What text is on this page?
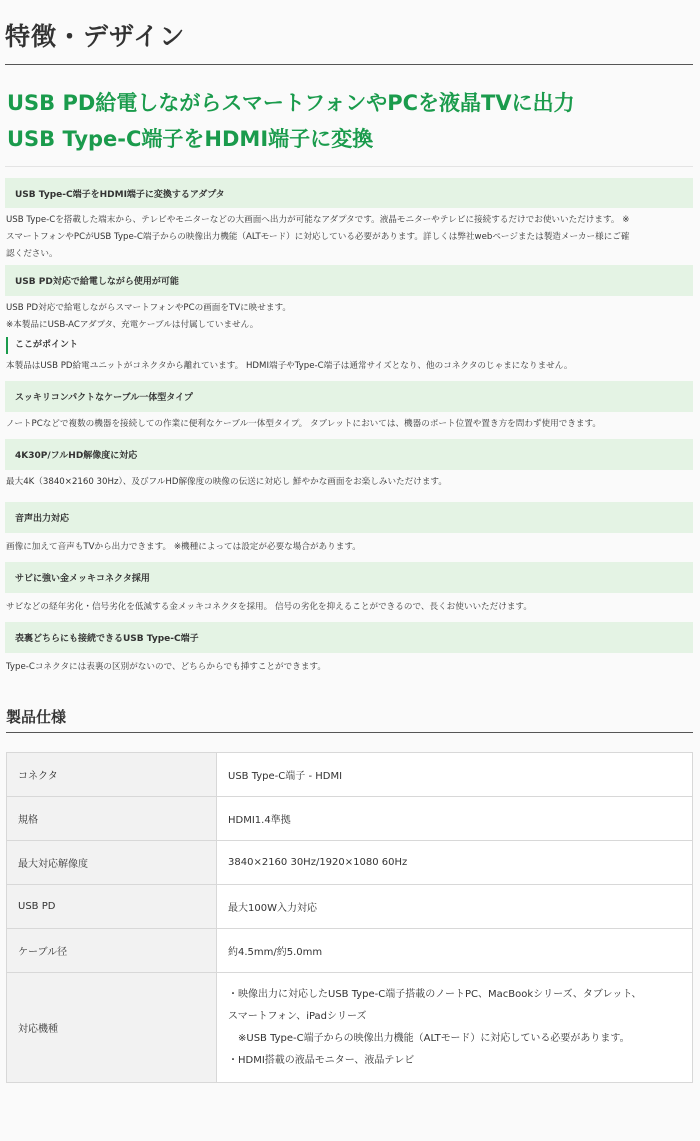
特徴・デザイン
USB PD給電しながらスマートフォンやPCを液晶TVに出力
USB Type-C端子をHDMI端子に変換
USB Type-C端子をHDMI端子に変換するアダプタ

USB Type-Cを搭載した端末から、テレビやモニターなどの大画面へ出力が可能なアダプタです。液晶モニターやテレビに接続するだけでお使いいただけます。 ※

スマートフォンやPCがUSB Type-C端子からの映像出力機能（ALTモード）に対応している必要があります。詳しくは弊社webページまたは製造メーカー様にご確

認ください。

USB PD対応で給電しながら使用が可能

USB PD対応で給電しながらスマートフォンやPCの画面をTVに映せます。

※本製品にUSB-ACアダプタ、充電ケーブルは付属していません。

ここがポイント

本製品はUSB PD給電ユニットがコネクタから離れています。 HDMI端子やType-C端子は通常サイズとなり、他のコネクタのじゃまになりません。

スッキリコンパクトなケーブル一体型タイプ

ノートPCなどで複数の機器を接続しての作業に便利なケーブル一体型タイプ。 タブレットにおいては、機器のポート位置や置き方を問わず使用できます。

4K30P/フルHD解像度に対応

最大4K（3840×2160 30Hz）、及びフルHD解像度の映像の伝送に対応し 鮮やかな画面をお楽しみいただけます。

音声出力対応

画像に加えて音声もTVから出力できます。 ※機種によっては設定が必要な場合があります。

サビに強い金メッキコネクタ採用

サビなどの経年劣化・信号劣化を低減する金メッキコネクタを採用。 信号の劣化を抑えることができるので、長くお使いいただけます。

表裏どちらにも接続できるUSB Type-C端子

Type-Cコネクタには表裏の区別がないので、どちらからでも挿すことができます。

製品仕様
コネクタ	USB Type-C端子 - HDMI
規格	HDMI1.4準拠
最大対応解像度	3840×2160 30Hz/1920×1080 60Hz
USB PD	最大100W入力対応
ケーブル径	約4.5mm/約5.0mm
対応機種	・映像出力に対応したUSB Type-C端子搭載のノートPC、MacBookシリーズ、タブレット、
スマートフォン、iPadシリーズ
※USB Type-C端子からの映像出力機能（ALTモード）に対応している必要があります。
・HDMI搭載の液晶モニター、液晶テレビ
